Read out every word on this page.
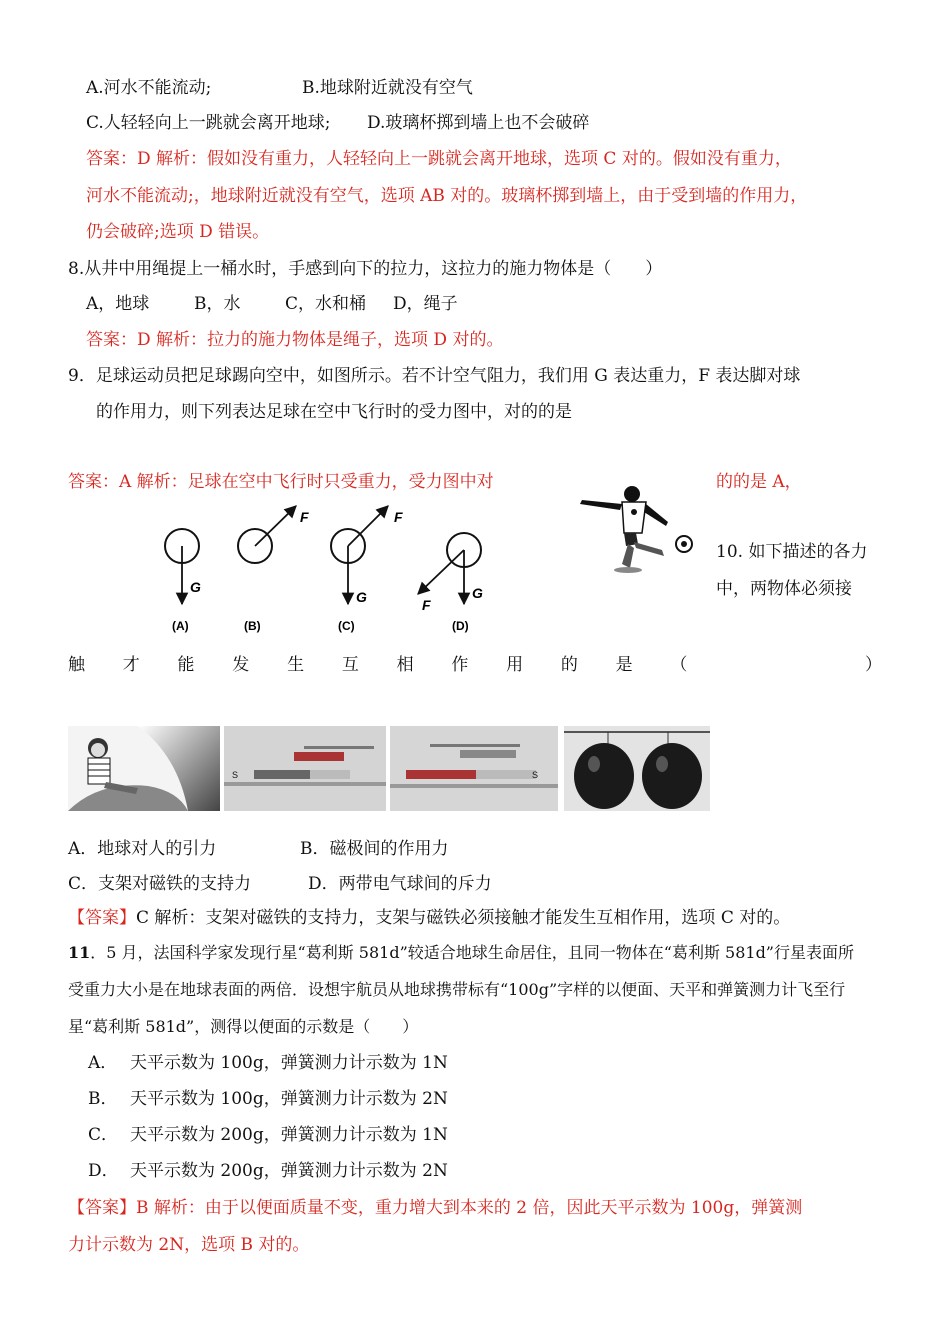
A.河水不能流动;	B.地球附近就没有空气
C.人轻轻向上一跳就会离开地球; D.玻璃杯掷到墙上也不会破碎
答案：D 解析：假如没有重力，人轻轻向上一跳就会离开地球，选项 C 对的。假如没有重力，
河水不能流动;，地球附近就没有空气，选项 AB 对的。玻璃杯掷到墙上，由于受到墙的作用力，
仍会破碎;选项 D 错误。
8.从井中用绳提上一桶水时，手感到向下的拉力，这拉力的施力物体是（　　）
A，地球	B，水	C，水和桶 D，绳子
答案：D 解析：拉力的施力物体是绳子，选项 D 对的。
9．足球运动员把足球踢向空中，如图所示。若不计空气阻力，我们用 G 表达重力，F 表达脚对球
的作用力，则下列表达足球在空中飞行时的受力图中，对的的是
答案：A 解析：足球在空中飞行时只受重力，受力图中对	的的是 A，
G
(A)
F
(B)
F
G
(C)
F
G
(D)
10. 如下描述的各力
中，两物体必须接
触 才 能 发 生 互 相 作 用 的 是 （
　　　　　　	）
S	S
A．地球对人的引力	B．磁极间的作用力
C．支架对磁铁的支持力	D．两带电气球间的斥力
【答案】C 解析：支架对磁铁的支持力，支架与磁铁必须接触才能发生互相作用，选项 C 对的。
11．5 月，法国科学家发现行星“葛利斯 581d”较适合地球生命居住，且同一物体在“葛利斯 581d”行星表面所
受重力大小是在地球表面的两倍．设想宇航员从地球携带标有“100g”字样的以便面、天平和弹簧测力计飞至行
星“葛利斯 581d”，测得以便面的示数是（　　）
A． 天平示数为 100g，弹簧测力计示数为 1N
B． 天平示数为 100g，弹簧测力计示数为 2N
C． 天平示数为 200g，弹簧测力计示数为 1N
D． 天平示数为 200g，弹簧测力计示数为 2N
【答案】B 解析：由于以便面质量不变，重力增大到本来的 2 倍，因此天平示数为 100g，弹簧测
力计示数为 2N，选项 B 对的。
